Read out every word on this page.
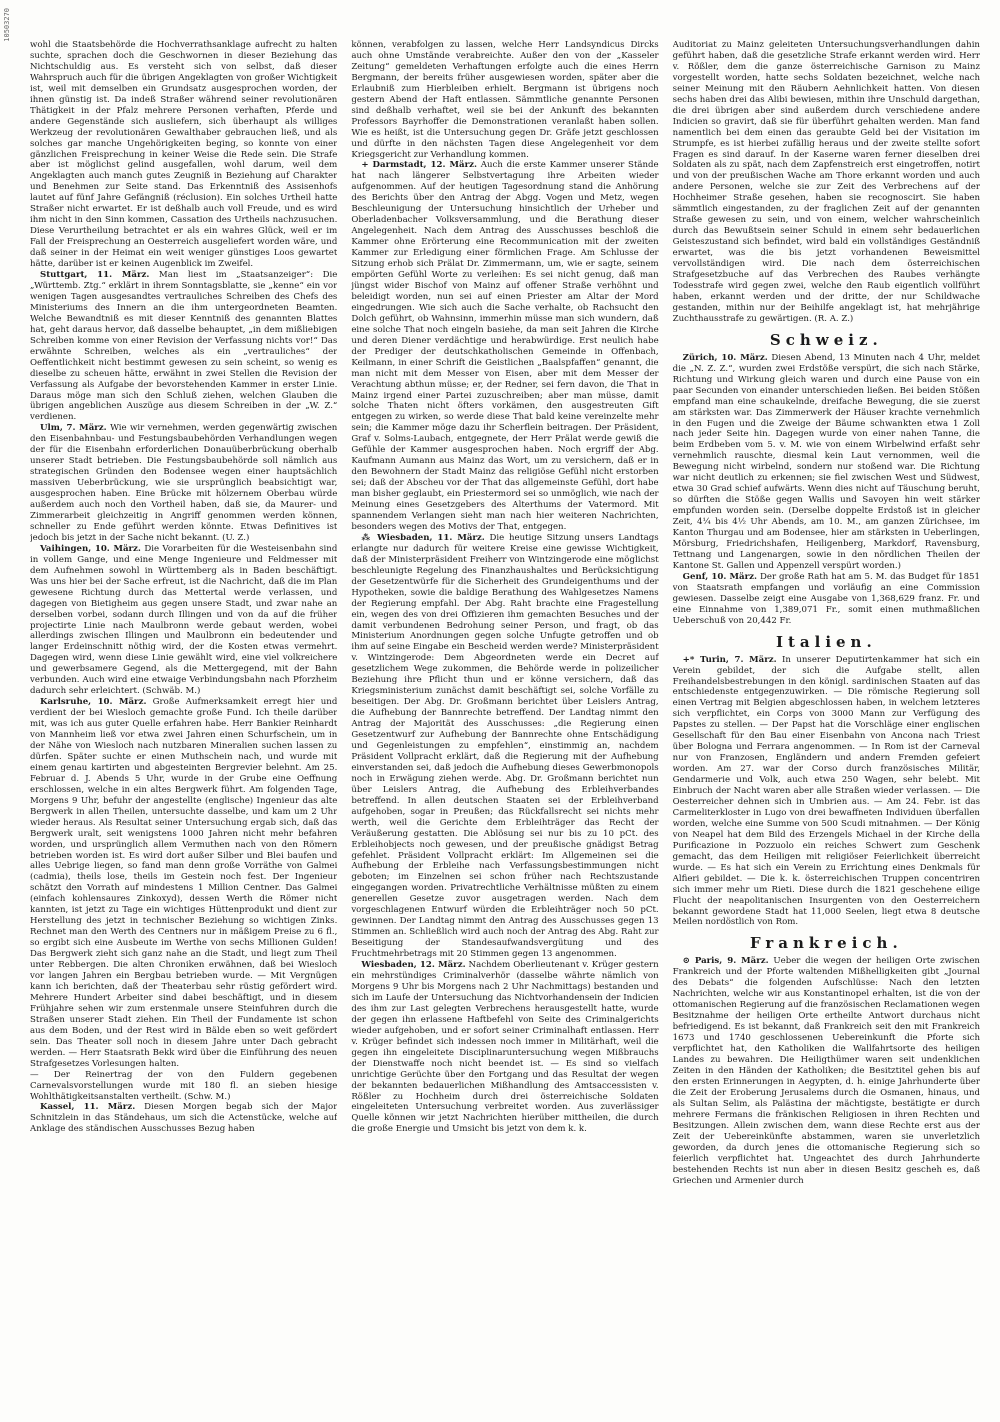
10503270

wohl die Staatsbehörde die Hochverrathsanklage aufrecht zu halten suchte, sprachen doch die Geschwornen in dieser Beziehung das Nichtschuldig aus. Es versteht sich von selbst, daß dieser Wahrspruch auch für die übrigen Angeklagten von großer Wichtigkeit ist, weil mit demselben ein Grundsatz ausgesprochen worden, der ihnen günstig ist. Da indeß Straßer während seiner revolutionären Thätigkeit in der Pfalz mehrere Personen verhaften, Pferde und andere Gegenstände sich ausliefern, sich überhaupt als williges Werkzeug der revolutionären Gewalthaber gebrauchen ließ, und als solches gar manche Ungehörigkeiten beging, so konnte von einer gänzlichen Freisprechung in keiner Weise die Rede sein. Die Strafe aber ist möglichst gelind ausgefallen, wohl darum, weil dem Angeklagten auch manch gutes Zeugniß in Beziehung auf Charakter und Benehmen zur Seite stand. Das Erkenntniß des Assisenhofs lautet auf fünf Jahre Gefängniß (réclusion). Ein solches Urtheil hatte Straßer nicht erwartet. Er ist deßhalb auch voll Freude, und es wird ihm nicht in den Sinn kommen, Cassation des Urtheils nachzusuchen. Diese Verurtheilung betrachtet er als ein wahres Glück, weil er im Fall der Freisprechung an Oesterreich ausgeliefert worden wäre, und daß seiner in der Heimat ein weit weniger günstiges Loos gewartet hätte, darüber ist er keinen Augenblick im Zweifel.

Stuttgart, 11. März. Man liest im „Staatsanzeiger“: Die „Württemb. Ztg.“ erklärt in ihrem Sonntagsblatte, sie „kenne“ ein vor wenigen Tagen ausgesandtes vertrauliches Schreiben des Chefs des Ministeriums des Innern an die ihm untergeordneten Beamten. Welche Bewandtniß es mit dieser Kenntniß des genannten Blattes hat, geht daraus hervor, daß dasselbe behauptet, „in dem mißliebigen Schreiben komme von einer Revision der Verfassung nichts vor!“ Das erwähnte Schreiben, welches als ein „vertrauliches“ der Oeffentlichkeit nicht bestimmt gewesen zu sein scheint, so wenig es dieselbe zu scheuen hätte, erwähnt in zwei Stellen die Revision der Verfassung als Aufgabe der bevorstehenden Kammer in erster Linie. Daraus möge man sich den Schluß ziehen, welchen Glauben die übrigen angeblichen Auszüge aus diesem Schreiben in der „W. Z.“ verdienen.

Ulm, 7. März. Wie wir vernehmen, werden gegenwärtig zwischen den Eisenbahnbau- und Festungsbaubehörden Verhandlungen wegen der für die Eisenbahn erforderlichen Donauüberbrückung oberhalb unserer Stadt betrieben. Die Festungsbaubehörde soll nämlich aus strategischen Gründen den Bodensee wegen einer hauptsächlich massiven Ueberbrückung, wie sie ursprünglich beabsichtigt war, ausgesprochen haben. Eine Brücke mit hölzernem Oberbau würde außerdem auch noch den Vortheil haben, daß sie, da Maurer- und Zimmerarbeit gleichzeitig in Angriff genommen werden können, schneller zu Ende geführt werden könnte. Etwas Definitives ist jedoch bis jetzt in der Sache nicht bekannt. (U. Z.)

Vaihingen, 10. März. Die Vorarbeiten für die Westeisenbahn sind in vollem Gange, und eine Menge Ingenieure und Feldmesser mit dem Aufnehmen sowohl in Württemberg als in Baden beschäftigt. Was uns hier bei der Sache erfreut, ist die Nachricht, daß die im Plan gewesene Richtung durch das Mettertal werde verlassen, und dagegen von Bietigheim aus gegen unsere Stadt, und zwar nahe an derselben vorbei, sodann durch Illingen und von da auf die früher projectirte Linie nach Maulbronn werde gebaut werden, wobei allerdings zwischen Illingen und Maulbronn ein bedeutender und langer Erdeinschnitt nöthig wird, der die Kosten etwas vermehrt. Dagegen wird, wenn diese Linie gewählt wird, eine viel volkreichere und gewerbsamere Gegend, als die Mettergegend, mit der Bahn verbunden. Auch wird eine etwaige Verbindungsbahn nach Pforzheim dadurch sehr erleichtert. (Schwäb. M.)

Karlsruhe, 10. März. Große Aufmerksamkeit erregt hier und verdient der bei Wiesloch gemachte große Fund. Ich theile darüber mit, was ich aus guter Quelle erfahren habe. Herr Bankier Reinhardt von Mannheim ließ vor etwa zwei Jahren einen Schurfschein, um in der Nähe von Wiesloch nach nutzbaren Mineralien suchen lassen zu dürfen. Später suchte er einen Muthschein nach, und wurde mit einem genau kartirten und abgesteinten Bergrevier belehnt. Am 25. Februar d. J. Abends 5 Uhr, wurde in der Grube eine Oeffnung erschlossen, welche in ein altes Bergwerk führt. Am folgenden Tage, Morgens 9 Uhr, befuhr der angestellte (englische) Ingenieur das alte Bergwerk in allen Theilen, untersuchte dasselbe, und kam um 2 Uhr wieder heraus. Als Resultat seiner Untersuchung ergab sich, daß das Bergwerk uralt, seit wenigstens 1000 Jahren nicht mehr befahren worden, und ursprünglich allem Vermuthen nach von den Römern betrieben worden ist. Es wird dort außer Silber und Blei baufen und alles Uebrige liegen, so fand man denn große Vorräthe von Galmei (cadmia), theils lose, theils im Gestein noch fest. Der Ingenieur schätzt den Vorrath auf mindestens 1 Million Centner. Das Galmei (einfach kohlensaures Zinkoxyd), dessen Werth die Römer nicht kannten, ist jetzt zu Tage ein wichtiges Hüttenprodukt und dient zur Herstellung des jetzt in technischer Beziehung so wichtigen Zinks. Rechnet man den Werth des Centners nur in mäßigem Preise zu 6 fl., so ergibt sich eine Ausbeute im Werthe von sechs Millionen Gulden! Das Bergwerk zieht sich ganz nahe an die Stadt, und liegt zum Theil unter Rebbergen. Die alten Chroniken erwähnen, daß bei Wiesloch vor langen Jahren ein Bergbau betrieben wurde. — Mit Vergnügen kann ich berichten, daß der Theaterbau sehr rüstig gefördert wird. Mehrere Hundert Arbeiter sind dabei beschäftigt, und in diesem Frühjahre sehen wir zum erstenmale unsere Steinfuhren durch die Straßen unserer Stadt ziehen. Ein Theil der Fundamente ist schon aus dem Boden, und der Rest wird in Bälde eben so weit gefördert sein. Das Theater soll noch in diesem Jahre unter Dach gebracht werden. — Herr Staatsrath Bekk wird über die Einführung des neuen Strafgesetzes Vorlesungen halten.

— Der Reinertrag der von den Fuldern gegebenen Carnevalsvorstellungen wurde mit 180 fl. an sieben hiesige Wohlthätigkeitsanstalten vertheilt. (Schw. M.)

Kassel, 11. März. Diesen Morgen begab sich der Major Schnitzlein in das Ständehaus, um sich die Actenstücke, welche auf Anklage des ständischen Ausschusses Bezug haben

können, verabfolgen zu lassen, welche Herr Landsyndicus Dircks auch ohne Umstände verabreichte. Außer den von der „Kasseler Zeitung“ gemeldeten Verhaftungen erfolgte auch die eines Herrn Bergmann, der bereits früher ausgewiesen worden, später aber die Erlaubniß zum Hierbleiben erhielt. Bergmann ist übrigens noch gestern Abend der Haft entlassen. Sämmtliche genannte Personen sind deßhalb verhaftet, weil sie bei der Ankunft des bekannten Professors Bayrhoffer die Demonstrationen veranlaßt haben sollen. Wie es heißt, ist die Untersuchung gegen Dr. Gräfe jetzt geschlossen und dürfte in den nächsten Tagen diese Angelegenheit vor dem Kriegsgericht zur Verhandlung kommen.

+ Darmstadt, 12. März. Auch die erste Kammer unserer Stände hat nach längerer Selbstvertagung ihre Arbeiten wieder aufgenommen. Auf der heutigen Tagesordnung stand die Anhörung des Berichts über den Antrag der Abgg. Vogen und Metz, wegen Beschleunigung der Untersuchung hinsichtlich der Urheber und Oberladenbacher Volksversammlung, und die Berathung dieser Angelegenheit. Nach dem Antrag des Ausschusses beschloß die Kammer ohne Erörterung eine Recommunication mit der zweiten Kammer zur Erledigung einer förmlichen Frage. Am Schlusse der Sitzung erhob sich Prälat Dr. Zimmermann, um, wie er sagte, seinem empörten Gefühl Worte zu verleihen: Es sei nicht genug, daß man jüngst wider Bischof von Mainz auf offener Straße verhöhnt und beleidigt worden, nun sei auf einen Priester am Altar der Mord eingedrungen. Wie sich auch die Sache verhalte, ob Rachsucht den Dolch geführt, ob Wahnsinn, immerhin müsse man sich wundern, daß eine solche That noch eingeln basiehe, da man seit Jahren die Kirche und deren Diener verdächtige und herabwürdige. Erst neulich habe der Prediger der deutschkatholischen Gemeinde in Offenbach, Keilmann, in einer Schrift die Geistlichen „Baalspfaffen“ genannt, die man nicht mit dem Messer von Eisen, aber mit dem Messer der Verachtung abthun müsse; er, der Redner, sei fern davon, die That in Mainz irgend einer Partei zuzuschreiben; aber man müsse, damit solche Thaten nicht öfters vorkämen, den ausgestreuten Gift entgegen zu wirken, so werde diese That bald keine vereinzelte mehr sein; die Kammer möge dazu ihr Scherflein beitragen. Der Präsident, Graf v. Solms-Laubach, entgegnete, der Herr Prälat werde gewiß die Gefühle der Kammer ausgesprochen haben. Noch ergriff der Abg. Kaufmann Aumann aus Mainz das Wort, um zu versichern, daß er in den Bewohnern der Stadt Mainz das religiöse Gefühl nicht erstorben sei; daß der Abscheu vor der That das allgemeinste Gefühl, dort habe man bisher geglaubt, ein Priestermord sei so unmöglich, wie nach der Meinung eines Gesetzgebers des Alterthums der Vatermord. Mit spannendem Verlangen sieht man nach hier weiteren Nachrichten, besonders wegen des Motivs der That, entgegen.

⁂ Wiesbaden, 11. März. Die heutige Sitzung unsers Landtags erlangte nur dadurch für weitere Kreise eine gewisse Wichtigkeit, daß der Ministerpräsident Freiherr von Wintzingerode eine möglichst beschleunigte Regelung des Finanzhaushaltes und Berücksichtigung der Gesetzentwürfe für die Sicherheit des Grundeigenthums und der Hypotheken, sowie die baldige Berathung des Wahlgesetzes Namens der Regierung empfahl. Der Abg. Raht brachte eine Fragestellung ein, wegen des von drei Offizieren ihm gemachten Besuches und der damit verbundenen Bedrohung seiner Person, und fragt, ob das Ministerium Anordnungen gegen solche Unfugte getroffen und ob ihm auf seine Eingabe ein Bescheid werden werde? Ministerpräsident v. Wintzingerode: Dem Abgeordneten werde ein Decret auf gesetzlichem Wege zukommen, die Behörde werde in polizeilicher Beziehung ihre Pflicht thun und er könne versichern, daß das Kriegsministerium zunächst damit beschäftigt sei, solche Vorfälle zu beseitigen. Der Abg. Dr. Großmann berichtet über Leislers Antrag, die Aufhebung der Bannrechte betreffend. Der Landtag nimmt den Antrag der Majorität des Ausschusses: „die Regierung einen Gesetzentwurf zur Aufhebung der Bannrechte ohne Entschädigung und Gegenleistungen zu empfehlen“, einstimmig an, nachdem Präsident Vollpracht erklärt, daß die Regierung mit der Aufhebung einverstanden sei, daß jedoch die Aufhebung dieses Gewerbmonopols noch in Erwägung ziehen werde. Abg. Dr. Großmann berichtet nun über Leislers Antrag, die Aufhebung des Erbleihverbandes betreffend. In allen deutschen Staaten sei der Erbleihverband aufgehoben, sogar in Preußen; das Rückfallsrecht sei nichts mehr werth, weil die Gerichte dem Erbleihträger das Recht der Veräußerung gestatten. Die Ablösung sei nur bis zu 10 pCt. des Erbleihobjects noch gewesen, und der preußische gnädigst Betrag gefehlet. Präsident Vollpracht erklärt: Im Allgemeinen sei die Aufhebung der Erbleihe nach Verfassungsbestimmungen nicht geboten; im Einzelnen sei schon früher nach Rechtszustande eingegangen worden. Privatrechtliche Verhältnisse müßten zu einem generellen Gesetze zuvor ausgetragen werden. Nach dem vorgeschlagenen Entwurf würden die Erbleihträger noch 50 pCt. gewinnen. Der Landtag nimmt den Antrag des Ausschusses gegen 13 Stimmen an. Schließlich wird auch noch der Antrag des Abg. Raht zur Beseitigung der Standesaufwandsvergütung und des Fruchtmehrbetrags mit 20 Stimmen gegen 13 angenommen.

Wiesbaden, 12. März. Nachdem Oberlieutenant v. Krüger gestern ein mehrstündiges Criminalverhör (dasselbe währte nämlich von Morgens 9 Uhr bis Morgens nach 2 Uhr Nachmittags) bestanden und sich im Laufe der Untersuchung das Nichtvorhandensein der Indicien des ihm zur Last gelegten Verbrechens herausgestellt hatte, wurde der gegen ihn erlassene Haftbefehl von Seite des Criminalgerichts wieder aufgehoben, und er sofort seiner Criminalhaft entlassen. Herr v. Krüger befindet sich indessen noch immer in Militärhaft, weil die gegen ihn eingeleitete Disciplinaruntersuchung wegen Mißbrauchs der Dienstwaffe noch nicht beendet ist. — Es sind so vielfach unrichtige Gerüchte über den Fortgang und das Resultat der wegen der bekannten bedauerlichen Mißhandlung des Amtsaccessisten v. Rößler zu Hochheim durch drei österreichische Soldaten eingeleiteten Untersuchung verbreitet worden. Aus zuverlässiger Quelle können wir jetzt Nachrichten hierüber mittheilen, die durch die große Energie und Umsicht bis jetzt von dem k. k.

Auditoriat zu Mainz geleiteten Untersuchungsverhandlungen dahin geführt haben, daß die gesetzliche Strafe erkannt werden wird. Herr v. Rößler, dem die ganze österreichische Garnison zu Mainz vorgestellt worden, hatte sechs Soldaten bezeichnet, welche nach seiner Meinung mit den Räubern Aehnlichkeit hatten. Von diesen sechs haben drei das Alibi bewiesen, mithin ihre Unschuld dargethan, die drei übrigen aber sind außerdem durch verschiedene andere Indicien so gravirt, daß sie für überführt gehalten werden. Man fand namentlich bei dem einen das geraubte Geld bei der Visitation im Strumpfe, es ist hierbei zufällig heraus und der zweite stellte sofort Fragen es sind darauf. In der Kaserne waren ferner dieselben drei Soldaten als zu spät, nach dem Zapfenstreich erst eingetroffen, notirt und von der preußischen Wache am Thore erkannt worden und auch andere Personen, welche sie zur Zeit des Verbrechens auf der Hochheimer Straße gesehen, haben sie recognoscirt. Sie haben sämmtlich eingestanden, zu der fraglichen Zeit auf der genannten Straße gewesen zu sein, und von einem, welcher wahrscheinlich durch das Bewußtsein seiner Schuld in einem sehr bedauerlichen Geisteszustand sich befindet, wird bald ein vollständiges Geständniß erwartet, was die bis jetzt vorhandenen Beweismittel vervollständigen wird. Die nach dem österreichischen Strafgesetzbuche auf das Verbrechen des Raubes verhängte Todesstrafe wird gegen zwei, welche den Raub eigentlich vollführt haben, erkannt werden und der dritte, der nur Schildwache gestanden, mithin nur der Beihilfe angeklagt ist, hat mehrjährige Zuchthausstrafe zu gewärtigen. (R. A. Z.)

Schweiz.

Zürich, 10. März. Diesen Abend, 13 Minuten nach 4 Uhr, meldet die „N. Z. Z.“, wurden zwei Erdstöße verspürt, die sich nach Stärke, Richtung und Wirkung gleich waren und durch eine Pause von ein paar Secunden von einander unterschieden ließen. Bei beiden Stößen empfand man eine schaukelnde, dreifache Bewegung, die sie zuerst am stärksten war. Das Zimmerwerk der Häuser krachte vernehmlich in den Fugen und die Zweige der Bäume schwankten etwa 1 Zoll nach jeder Seite hin. Dagegen wurde von einer nahen Tanne, die beim Erdbeben vom 5. v. M. wie von einem Wirbelwind erfaßt sehr vernehmlich rauschte, diesmal kein Laut vernommen, weil die Bewegung nicht wirbelnd, sondern nur stoßend war. Die Richtung war nicht deutlich zu erkennen; sie fiel zwischen West und Südwest, etwa 30 Grad schief aufwärts. Wenn dies nicht auf Täuschung beruht, so dürften die Stöße gegen Wallis und Savoyen hin weit stärker empfunden worden sein. (Derselbe doppelte Erdstoß ist in gleicher Zeit, 4¼ bis 4½ Uhr Abends, am 10. M., am ganzen Zürichsee, im Kanton Thurgau und am Bodensee, hier am stärksten in Ueberlingen, Mörsburg, Friedrichshafen, Heiligenberg, Markdorf, Ravensburg, Tettnang und Langenargen, sowie in den nördlichen Theilen der Kantone St. Gallen und Appenzell verspürt worden.)

Genf, 10. März. Der große Rath hat am 5. M. das Budget für 1851 von Staatsrath empfangen und vorläufig an eine Commission gewiesen. Dasselbe zeigt eine Ausgabe von 1,368,629 franz. Fr. und eine Einnahme von 1,389,071 Fr., somit einen muthmaßlichen Ueberschuß von 20,442 Fr.

Italien.

+* Turin, 7. März. In unserer Deputirtenkammer hat sich ein Verein gebildet, der sich die Aufgabe stellt, allen Freihandelsbestrebungen in den königl. sardinischen Staaten auf das entschiedenste entgegenzuwirken. — Die römische Regierung soll einen Vertrag mit Belgien abgeschlossen haben, in welchem letzteres sich verpflichtet, ein Corps von 3000 Mann zur Verfügung des Papstes zu stellen. — Der Papst hat die Vorschläge einer englischen Gesellschaft für den Bau einer Eisenbahn von Ancona nach Triest über Bologna und Ferrara angenommen. — In Rom ist der Carneval nur von Franzosen, Engländern und andern Fremden gefeiert worden. Am 27. war der Corso durch französisches Militär, Gendarmerie und Volk, auch etwa 250 Wagen, sehr belebt. Mit Einbruch der Nacht waren aber alle Straßen wieder verlassen. — Die Oesterreicher dehnen sich in Umbrien aus. — Am 24. Febr. ist das Carmeliterkloster in Lugo von drei bewaffneten Individuen überfallen worden, welche eine Summe von 500 Scudi mitnahmen. — Der König von Neapel hat dem Bild des Erzengels Michael in der Kirche della Purificazione in Pozzuolo ein reiches Schwert zum Geschenk gemacht, das dem Heiligen mit religiöser Feierlichkeit überreicht wurde. — Es hat sich ein Verein zu Errichtung eines Denkmals für Alfieri gebildet. — Die k. k. österreichischen Truppen concentriren sich immer mehr um Rieti. Diese durch die 1821 geschehene eilige Flucht der neapolitanischen Insurgenten von den Oesterreichern bekannt gewordene Stadt hat 11,000 Seelen, liegt etwa 8 deutsche Meilen nordöstlich von Rom.

Frankreich.

⊙ Paris, 9. März. Ueber die wegen der heiligen Orte zwischen Frankreich und der Pforte waltenden Mißhelligkeiten gibt „Journal des Debats“ die folgenden Aufschlüsse: Nach den letzten Nachrichten, welche wir aus Konstantinopel erhalten, ist die von der ottomanischen Regierung auf die französischen Reclamationen wegen Besitznahme der heiligen Orte ertheilte Antwort durchaus nicht befriedigend. Es ist bekannt, daß Frankreich seit den mit Frankreich 1673 und 1740 geschlossenen Uebereinkunft die Pforte sich verpflichtet hat, den Katholiken die Wallfahrtsorte des heiligen Landes zu bewahren. Die Heiligthümer waren seit undenklichen Zeiten in den Händen der Katholiken; die Besitztitel gehen bis auf den ersten Erinnerungen in Aegypten, d. h. einige Jahrhunderte über die Zeit der Eroberung Jerusalems durch die Osmanen, hinaus, und als Sultan Selim, als Palästina der mächtigste, bestätigte er durch mehrere Fermans die fränkischen Religiosen in ihren Rechten und Besitzungen. Allein zwischen dem, wann diese Rechte erst aus der Zeit der Uebereinkünfte abstammen, waren sie unverletzlich geworden, da durch jenes die ottomanische Regierung sich so feierlich verpflichtet hat. Ungeachtet des durch Jahrhunderte bestehenden Rechts ist nun aber in diesen Besitz gescheh es, daß Griechen und Armenier durch
